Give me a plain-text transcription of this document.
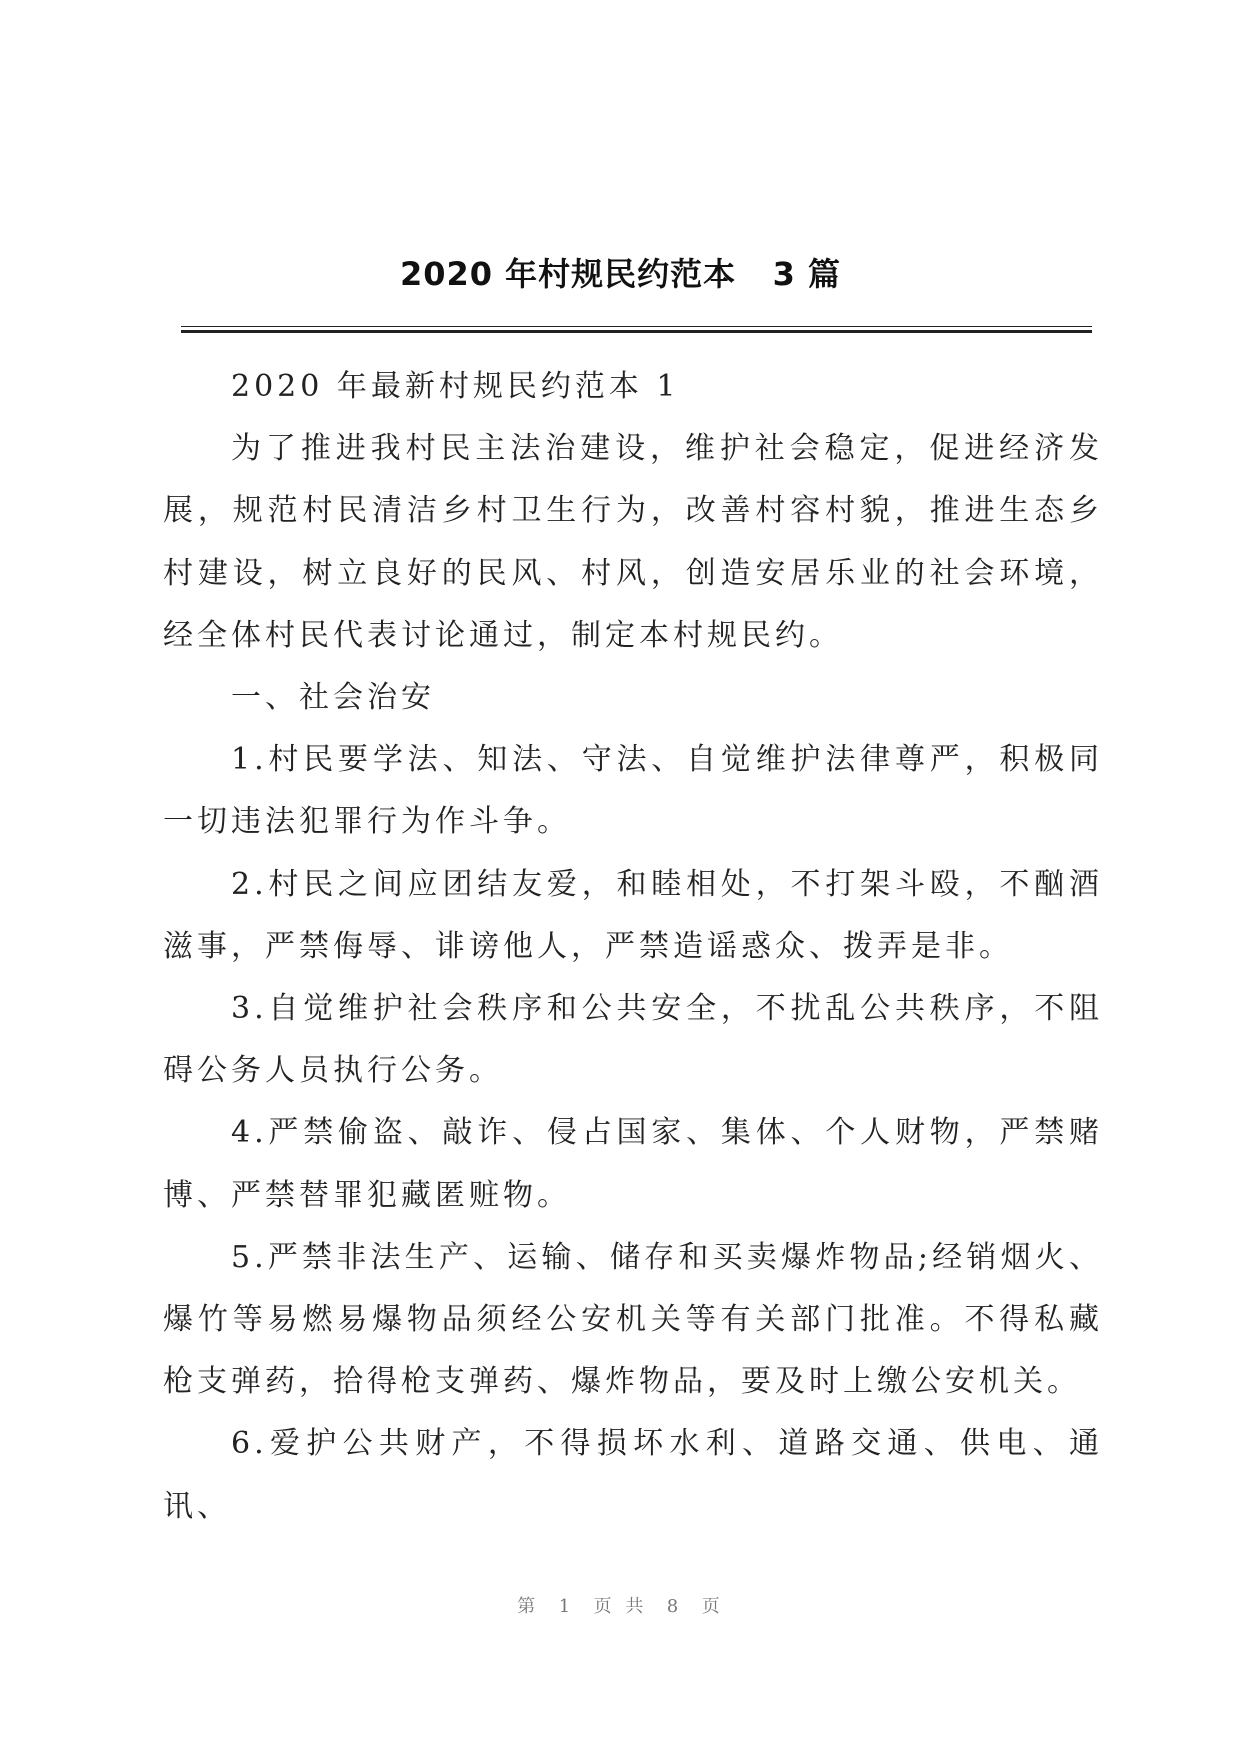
2020 年村规民约范本   3 篇

2020 年最新村规民约范本 1

为了推进我村民主法治建设，维护社会稳定，促进经济发展，规范村民清洁乡村卫生行为，改善村容村貌，推进生态乡村建设，树立良好的民风、村风，创造安居乐业的社会环境，经全体村民代表讨论通过，制定本村规民约。

一、社会治安

1.村民要学法、知法、守法、自觉维护法律尊严，积极同一切违法犯罪行为作斗争。

2.村民之间应团结友爱，和睦相处，不打架斗殴，不酗酒滋事，严禁侮辱、诽谤他人，严禁造谣惑众、拨弄是非。

3.自觉维护社会秩序和公共安全，不扰乱公共秩序，不阻碍公务人员执行公务。

4.严禁偷盗、敲诈、侵占国家、集体、个人财物，严禁赌博、严禁替罪犯藏匿赃物。

5.严禁非法生产、运输、储存和买卖爆炸物品;经销烟火、爆竹等易燃易爆物品须经公安机关等有关部门批准。不得私藏枪支弹药，拾得枪支弹药、爆炸物品，要及时上缴公安机关。

6.爱护公共财产，不得损坏水利、道路交通、供电、通讯、

第  1  页 共  8  页
